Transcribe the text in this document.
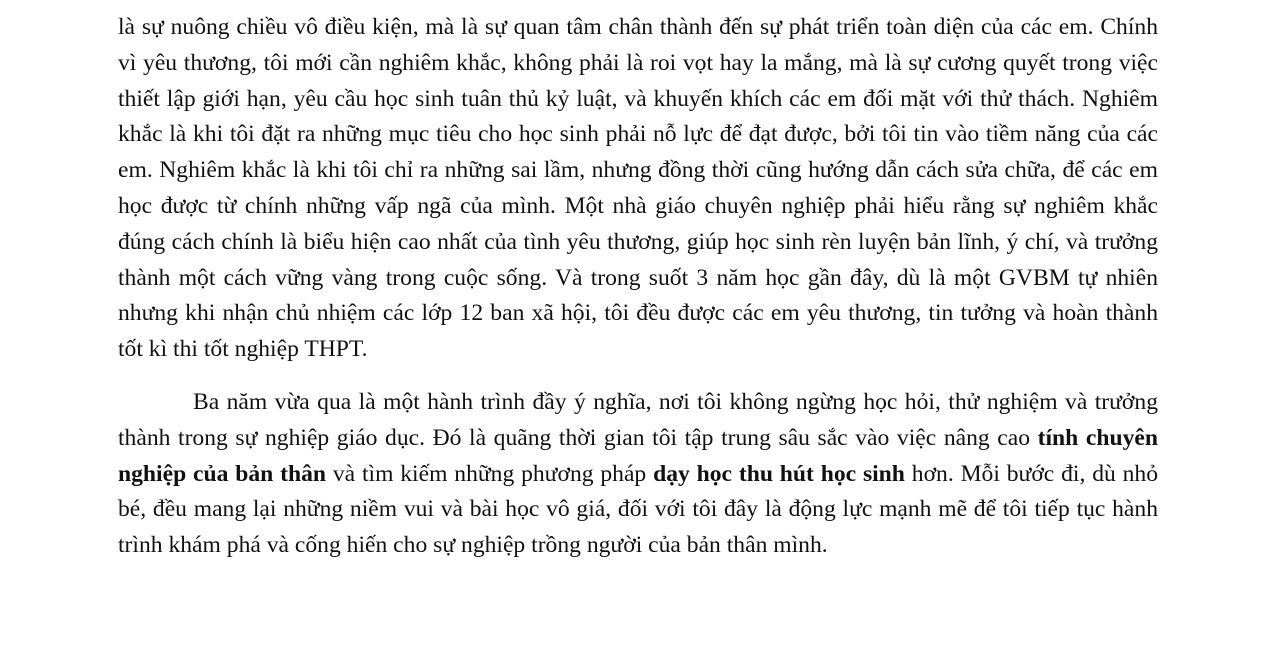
là sự nuông chiều vô điều kiện, mà là sự quan tâm chân thành đến sự phát triển toàn diện của các em. Chính vì yêu thương, tôi mới cần nghiêm khắc, không phải là roi vọt hay la mắng, mà là sự cương quyết trong việc thiết lập giới hạn, yêu cầu học sinh tuân thủ kỷ luật, và khuyến khích các em đối mặt với thử thách. Nghiêm khắc là khi tôi đặt ra những mục tiêu cho học sinh phải nỗ lực để đạt được, bởi tôi tin vào tiềm năng của các em. Nghiêm khắc là khi tôi chỉ ra những sai lầm, nhưng đồng thời cũng hướng dẫn cách sửa chữa, để các em học được từ chính những vấp ngã của mình. Một nhà giáo chuyên nghiệp phải hiểu rằng sự nghiêm khắc đúng cách chính là biểu hiện cao nhất của tình yêu thương, giúp học sinh rèn luyện bản lĩnh, ý chí, và trưởng thành một cách vững vàng trong cuộc sống. Và trong suốt 3 năm học gần đây, dù là một GVBM tự nhiên nhưng khi nhận chủ nhiệm các lớp 12 ban xã hội, tôi đều được các em yêu thương, tin tưởng và hoàn thành tốt kì thi tốt nghiệp THPT.

Ba năm vừa qua là một hành trình đầy ý nghĩa, nơi tôi không ngừng học hỏi, thử nghiệm và trưởng thành trong sự nghiệp giáo dục. Đó là quãng thời gian tôi tập trung sâu sắc vào việc nâng cao tính chuyên nghiệp của bản thân và tìm kiếm những phương pháp dạy học thu hút học sinh hơn. Mỗi bước đi, dù nhỏ bé, đều mang lại những niềm vui và bài học vô giá, đối với tôi đây là động lực mạnh mẽ để tôi tiếp tục hành trình khám phá và cống hiến cho sự nghiệp trồng người của bản thân mình.
